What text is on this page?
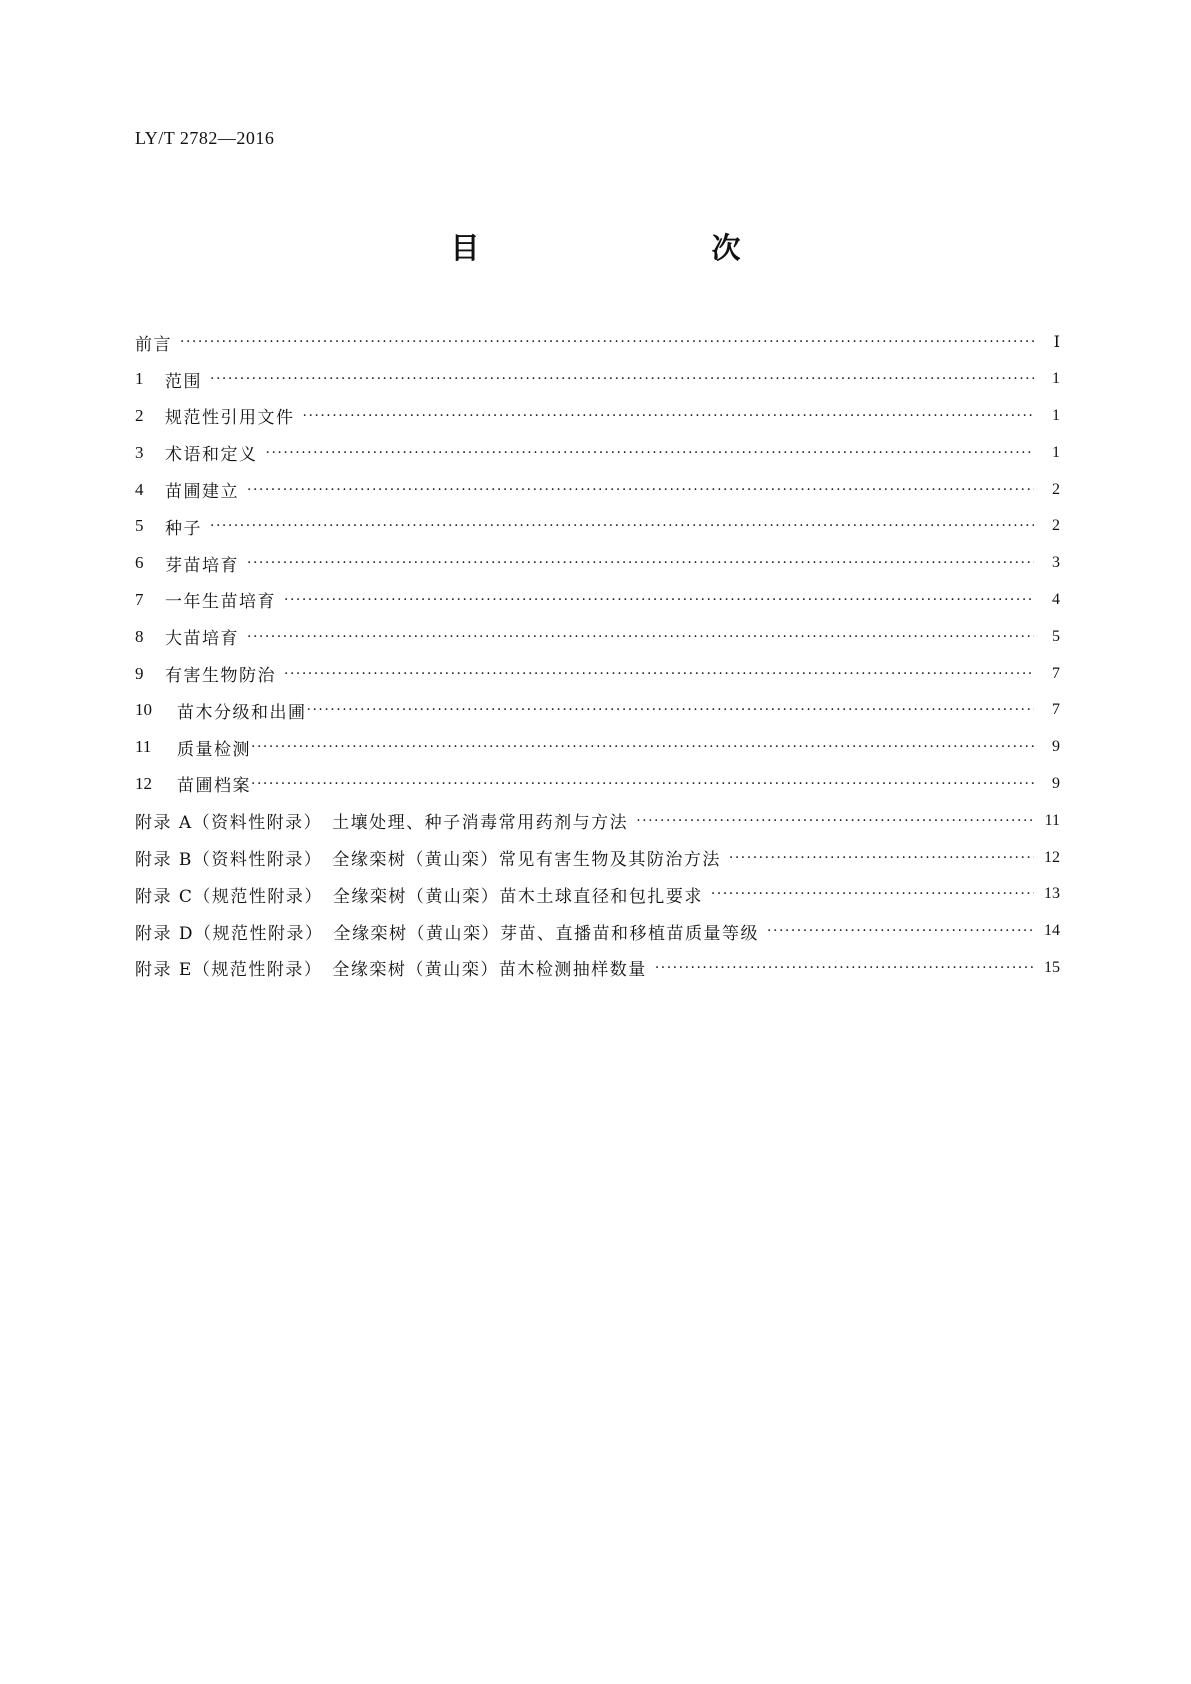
LY/T 2782—2016
目　　次
前言 ·····	Ⅰ
1	范围 ·····	1
2	规范性引用文件 ·····	1
3	术语和定义 ·····	1
4	苗圃建立 ·····	2
5	种子 ·····	2
6	芽苗培育 ·····	3
7	一年生苗培育 ·····	4
8	大苗培育 ·····	5
9	有害生物防治 ·····	7
10	苗木分级和出圃 ·····	7
11	质量检测 ·····	9
12	苗圃档案 ·····	9
附录 A（资料性附录）　土壤处理、种子消毒常用药剂与方法 ·····	11
附录 B（资料性附录）　全缘栾树（黄山栾）常见有害生物及其防治方法 ·····	12
附录 C（规范性附录）　全缘栾树（黄山栾）苗木土球直径和包扎要求 ·····	13
附录 D（规范性附录）　全缘栾树（黄山栾）芽苗、直播苗和移植苗质量等级 ·····	14
附录 E（规范性附录）　全缘栾树（黄山栾）苗木检测抽样数量 ·····	15
